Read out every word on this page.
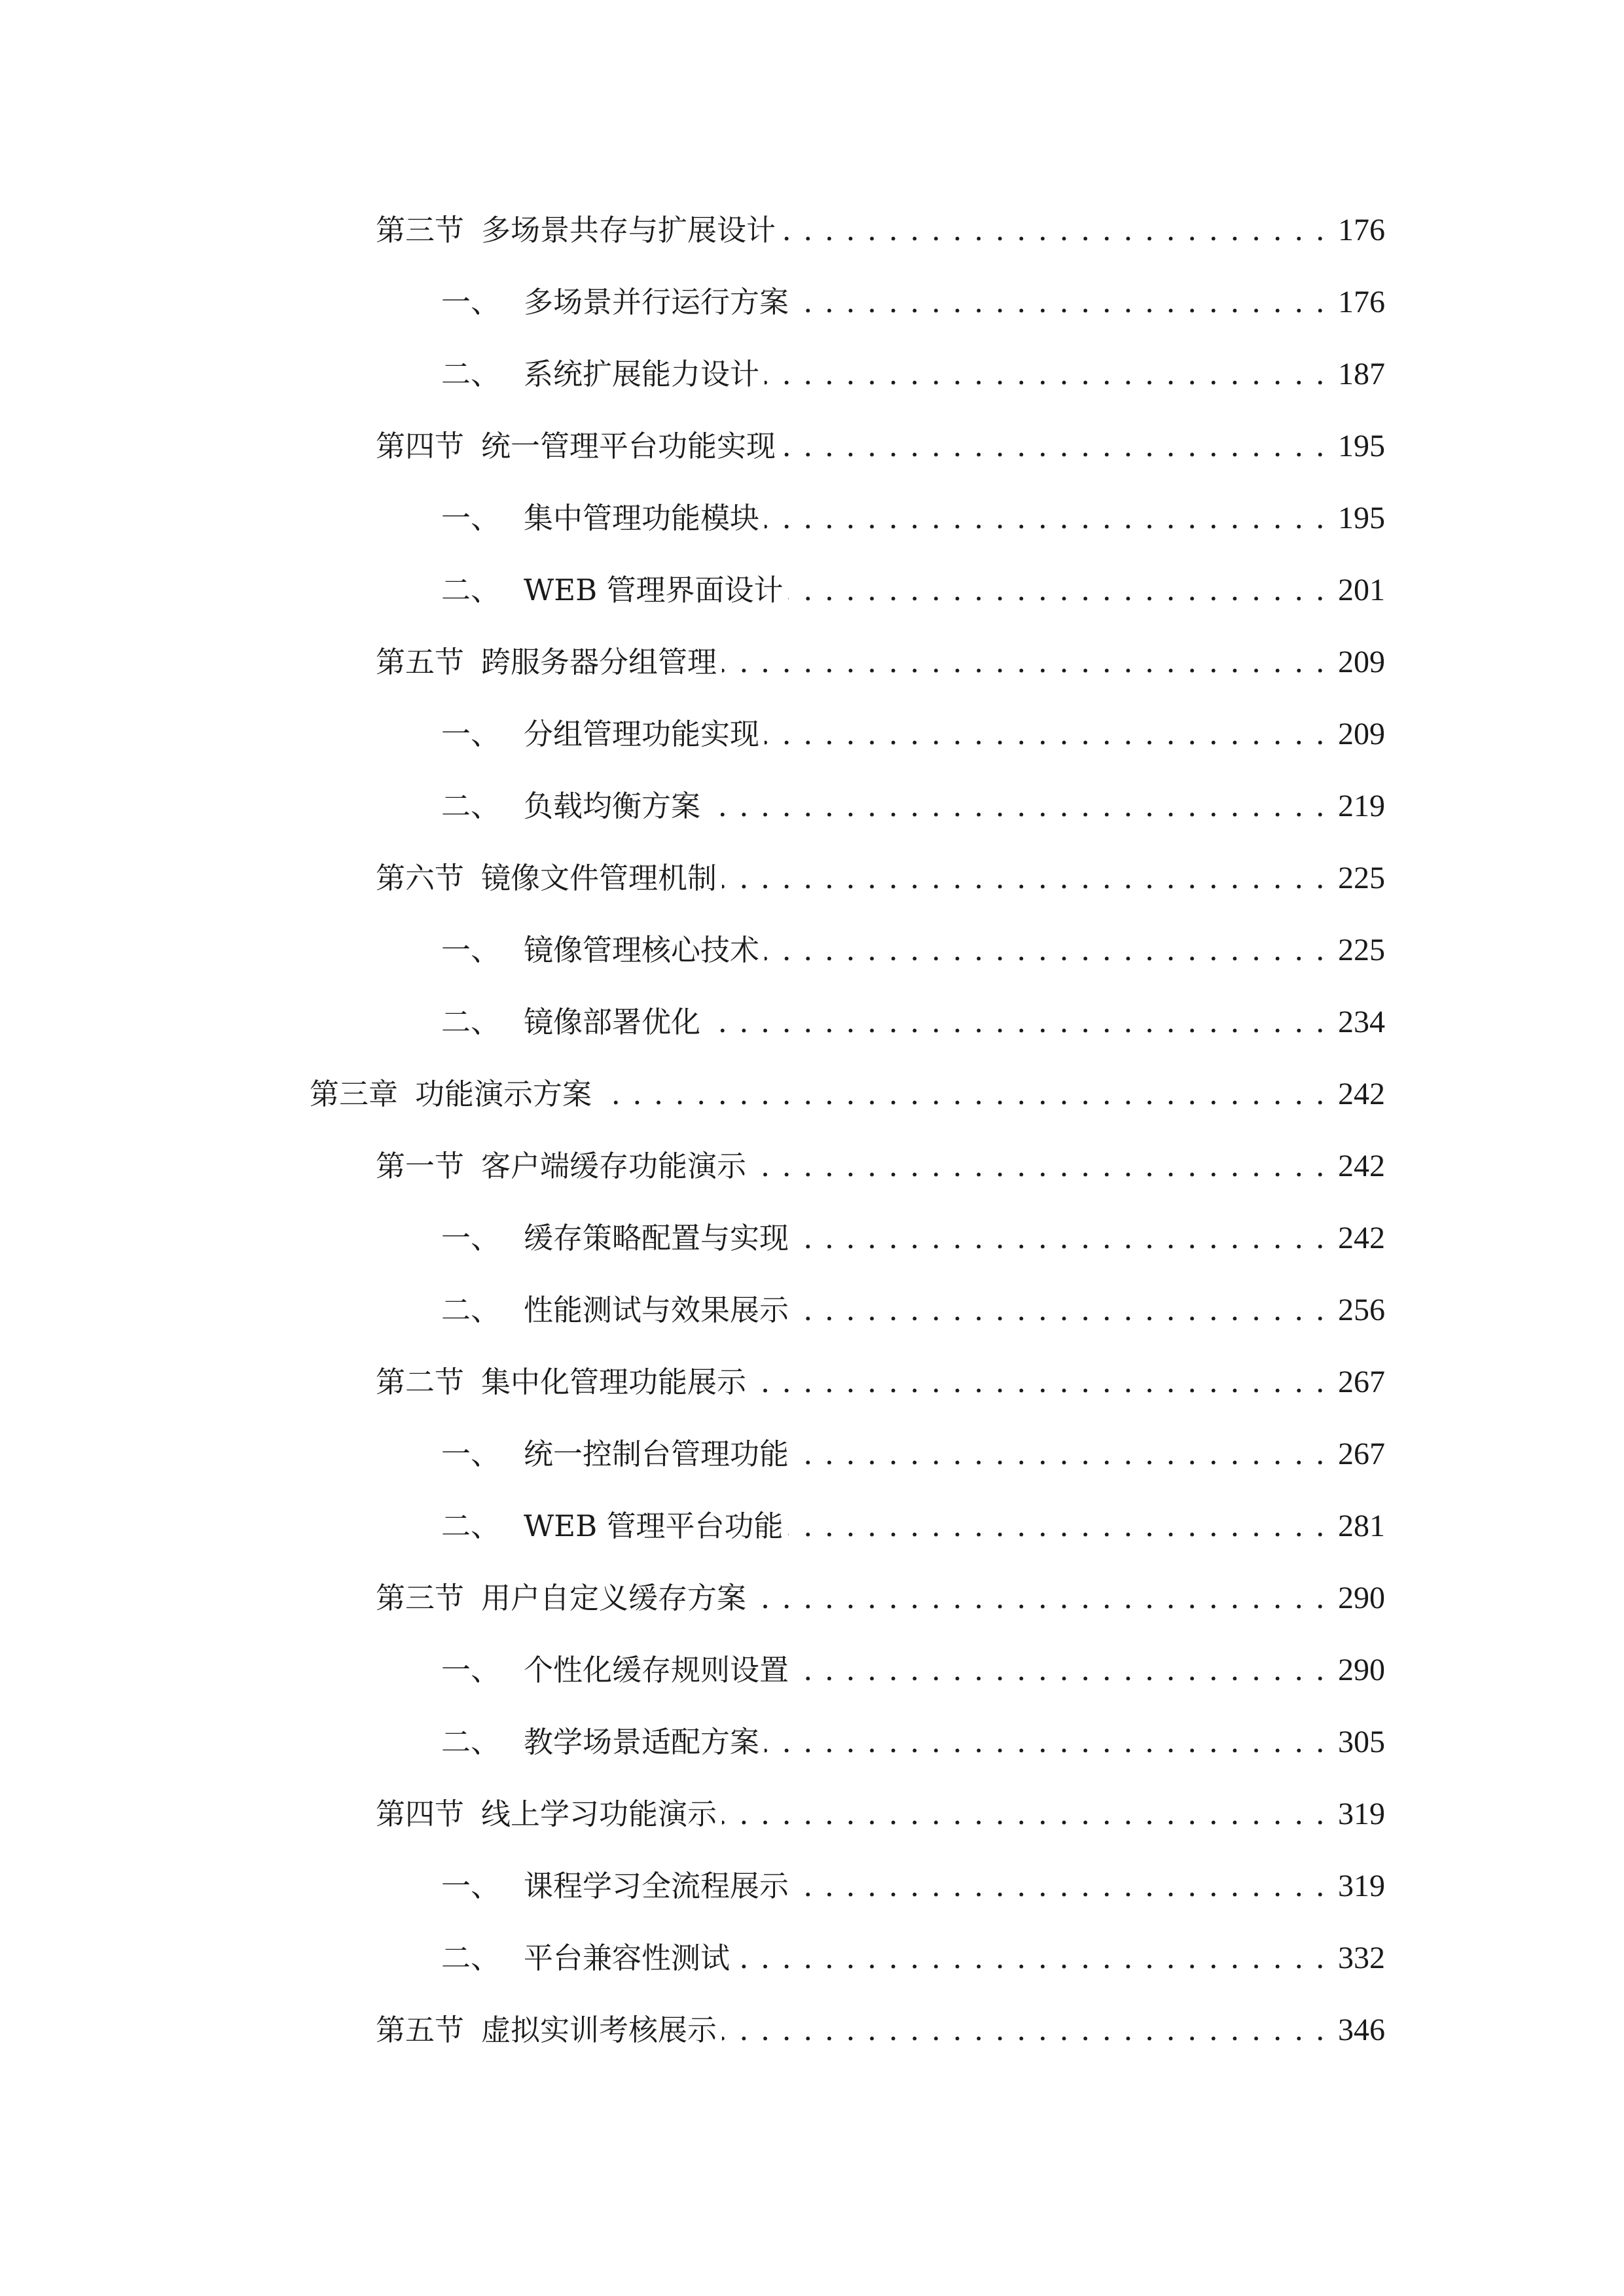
第三节 多场景共存与扩展设计 . . .	176
一、 多场景并行运行方案 . . .	176
二、 系统扩展能力设计 . . .	187
第四节 统一管理平台功能实现 . . .	195
一、 集中管理功能模块 . . .	195
二、 WEB 管理界面设计 . . .	201
第五节 跨服务器分组管理 . . .	209
一、 分组管理功能实现 . . .	209
二、 负载均衡方案 . . .	219
第六节 镜像文件管理机制 . . .	225
一、 镜像管理核心技术 . . .	225
二、 镜像部署优化 . . .	234
第三章 功能演示方案 . . .	242
第一节 客户端缓存功能演示 . . .	242
一、 缓存策略配置与实现 . . .	242
二、 性能测试与效果展示 . . .	256
第二节 集中化管理功能展示 . . .	267
一、 统一控制台管理功能 . . .	267
二、 WEB 管理平台功能 . . .	281
第三节 用户自定义缓存方案 . . .	290
一、 个性化缓存规则设置 . . .	290
二、 教学场景适配方案 . . .	305
第四节 线上学习功能演示 . . .	319
一、 课程学习全流程展示 . . .	319
二、 平台兼容性测试 . . .	332
第五节 虚拟实训考核展示 . . .	346
